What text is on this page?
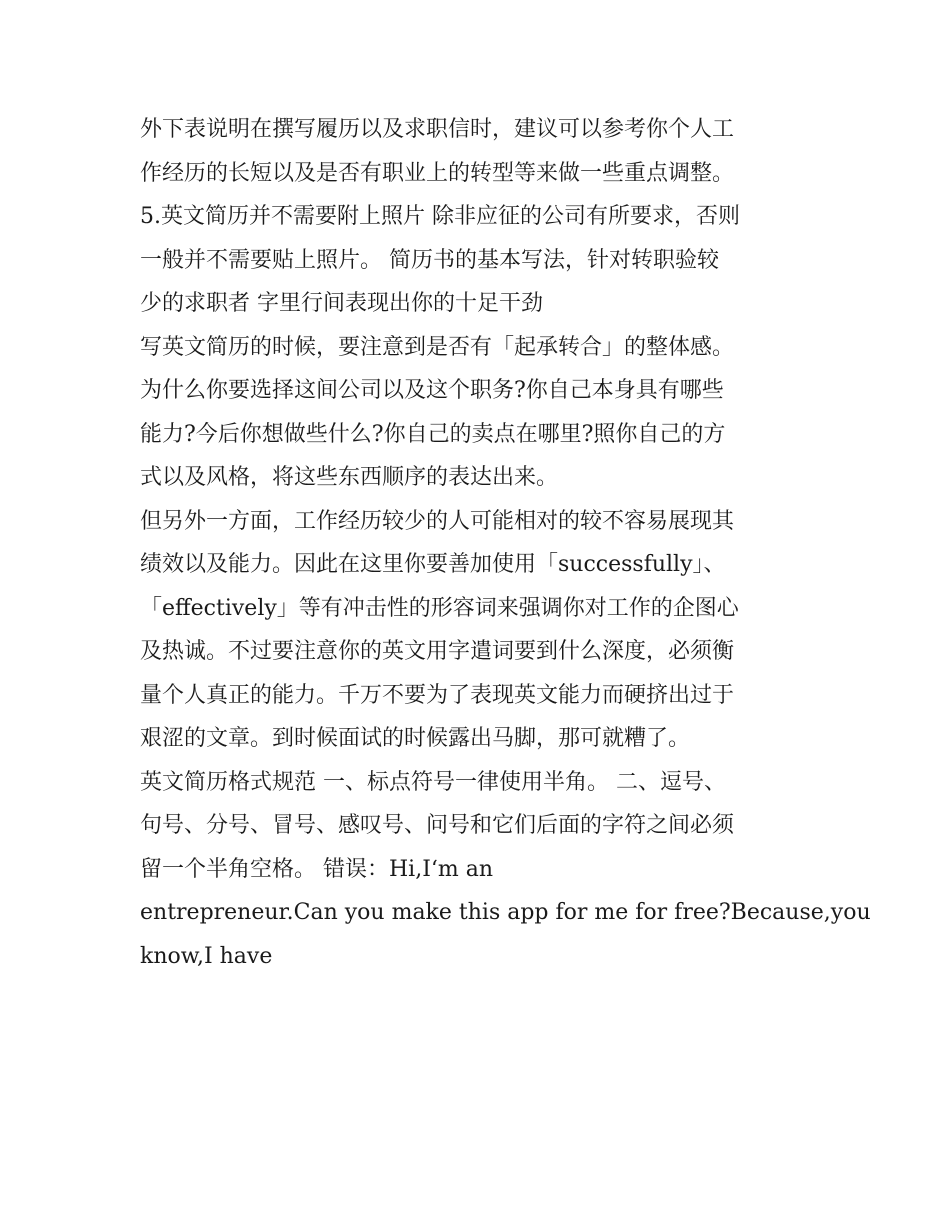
外下表说明在撰写履历以及求职信时，建议可以参考你个人工
作经历的长短以及是否有职业上的转型等来做一些重点调整。
5.英文简历并不需要附上照片 除非应征的公司有所要求，否则
一般并不需要贴上照片。 简历书的基本写法，针对转职验较
少的求职者 字里行间表现出你的十足干劲
写英文简历的时候，要注意到是否有「起承转合」的整体感。
为什么你要选择这间公司以及这个职务?你自己本身具有哪些
能力?今后你想做些什么?你自己的卖点在哪里?照你自己的方
式以及风格，将这些东西顺序的表达出来。
但另外一方面，工作经历较少的人可能相对的较不容易展现其
绩效以及能力。因此在这里你要善加使用「successfully」、
「effectively」等有冲击性的形容词来强调你对工作的企图心
及热诚。不过要注意你的英文用字遣词要到什么深度，必须衡
量个人真正的能力。千万不要为了表现英文能力而硬挤出过于
艰涩的文章。到时候面试的时候露出马脚，那可就糟了。
英文简历格式规范 一、标点符号一律使用半角。 二、逗号、
句号、分号、冒号、感叹号、问号和它们后面的字符之间必须
留一个半角空格。 错误：Hi,I‘m an
entrepreneur.Can you make this app for me for free?Because,you
know,I have
